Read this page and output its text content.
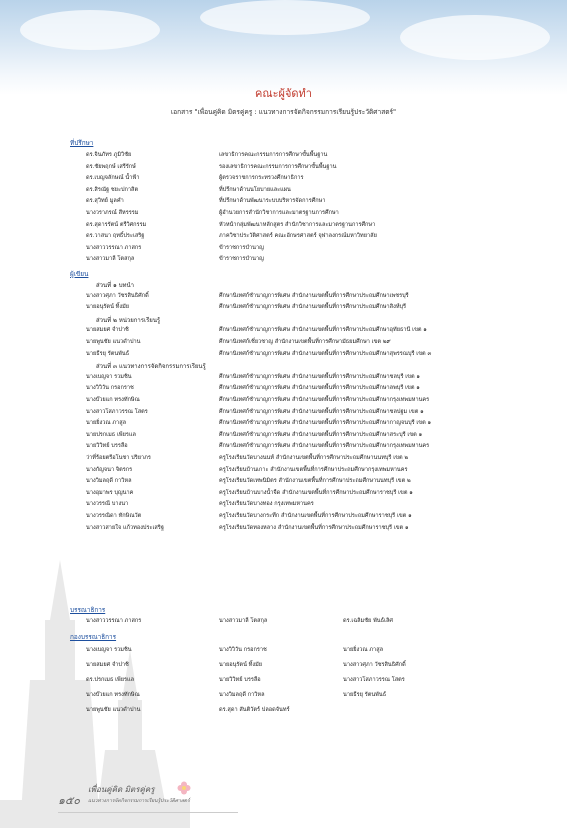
คณะผู้จัดทำ
เอกสาร "เพื่อนคู่คิด มิตรคู่ครู : แนวทางการจัดกิจกรรมการเรียนรู้ประวัติศาสตร์"
ที่ปรึกษา
ดร.จินภัทร ภูมิวิชัย	เลขาธิการคณะกรรมการการศึกษาขั้นพื้นฐาน
ดร.ชัยพฤกษ์ เสรีรักษ์	รองเลขาธิการคณะกรรมการการศึกษาขั้นพื้นฐาน
ดร.เบญจลักษณ์ น้ำฟ้า	ผู้ตรวจราชการกระทรวงศึกษาธิการ
ดร.สิรณัฐ ชยะปกาสิต	ที่ปรึกษาด้านนโยบายและแผน
ดร.สุวิทย์ มูลคำ	ที่ปรึกษาด้านพัฒนาระบบบริหารจัดการศึกษา
นางวราภรณ์ สีหรรรม	ผู้อำนวยการสำนักวิชาการและมาตรฐานการศึกษา
ดร.สุดารรัตน์ ตรีวิศกรรม	หัวหน้ากลุ่มพัฒนาหลักสูตร สำนักวิชาการและมาตรฐานการศึกษา
ดร.วาสนา ฤทธิ์ประเสริฐ	ภาควิชาประวัติศาสตร์ คณะอักษรศาสตร์ จุฬาลงกรณ์มหาวิทยาลัย
นางสาววรรณา ภาสกร	ข้าราชการบำนาญ
นางสาวมาลี โตสกุล	ข้าราชการบำนาญ
ผู้เขียน
ส่วนที่ ๑ บทนำ
นางสาวศุภา วัชรสินธิศักดิ์	ศึกษานิเทศก์ชำนาญการพิเศษ สำนักงานเขตพื้นที่การศึกษาประถมศึกษาเพชรบุรี
นายอนุรัตน์ ทิ้งมัย	ศึกษานิเทศก์ชำนาญการพิเศษ สำนักงานเขตพื้นที่การศึกษาประถมศึกษาสิงห์บุรี
ส่วนที่ ๒ หน่วยการเรียนรู้
นายสมยศ จำปาชิ	ศึกษานิเทศก์ชำนาญการพิเศษ สำนักงานเขตพื้นที่การศึกษาประถมศึกษาอุทัยธานี เขต ๑
นายพูนชัย แนวดำปาน	ศึกษานิเทศก์เชี่ยวชาญ สำนักงานเขตพื้นที่การศึกษามัธยมศึกษา เขต ๒๙
นายธีรยุ รัตนพันธ์	ศึกษานิเทศก์ชำนาญการพิเศษ สำนักงานเขตพื้นที่การศึกษาประถมศึกษาสุพรรณบุรี เขต ๓
ส่วนที่ ๓ แนวทางการจัดกิจกรรมการเรียนรู้
นางเบญจา รวมชิน	ศึกษานิเทศก์ชำนาญการพิเศษ สำนักงานเขตพื้นที่การศึกษาประถมศึกษาชลบุรี เขต ๑
นางวิวิวัน กรอกราช	ศึกษานิเทศก์ชำนาญการพิเศษ สำนักงานเขตพื้นที่การศึกษาประถมศึกษาลพบุรี เขต ๑
นางบ๊วยแก ทรงทักษิณ	ศึกษานิเทศก์ชำนาญการพิเศษ สำนักงานเขตพื้นที่การศึกษาประถมศึกษากรุงเทพมหานคร
นางสาวโสภาวรรณ โสตร	ศึกษานิเทศก์ชำนาญการพิเศษ สำนักงานเขตพื้นที่การศึกษาประถมศึกษาชลปฐม เขต ๑
นายยิ่งวณ ภาสูล	ศึกษานิเทศก์ชำนาญการพิเศษ สำนักงานเขตพื้นที่การศึกษาประถมศึกษากาญจนบุรี เขต ๑
นายปรกเมธ เพียรแล	ศึกษานิเทศก์ชำนาญการพิเศษ สำนักงานเขตพื้นที่การศึกษาประถมศึกษาสระบุรี เขต ๑
นายวิวิทย์ บรรลือ	ศึกษานิเทศก์ชำนาญการพิเศษ สำนักงานเขตพื้นที่การศึกษาประถมศึกษากรุงเทพมหานคร
ว่าที่ร้อยตรีอโนชา ปริยาภร	ครูโรงเรียนวัดบางนนท์ สำนักงานเขตพื้นที่การศึกษาประถมศึกษานนทบุรี เขต ๒
นางกัญจนา จิตรกร	ครูโรงเรียนบ้านเกาะ สำนักงานเขตพื้นที่การศึกษาประถมศึกษากรุงเทพมหานคร
นางวิมลฤดี กาวิหล	ครูโรงเรียนวัดเทพนิมิตร สำนักงานเขตพื้นที่การศึกษาประถมศึกษานนทบุรี เขต ๒
นางอุมาพร บุญนาค	ครูโรงเรียนบ้านบางน้ำจืด สำนักงานเขตพื้นที่การศึกษาประถมศึกษาราชบุรี เขต ๑
นางวรรณี บางนา	ครูโรงเรียนวัดบางทอง กรุงเทพมหานคร
นางวรรณิดา ทักษิณวัต	ครูโรงเรียนวัดบางกระทึก สำนักงานเขตพื้นที่การศึกษาประถมศึกษาราชบุรี เขต ๑
นางสาวสายใจ แก้วทองประเสริฐ	ครูโรงเรียนวัดทองหลาง สำนักงานเขตพื้นที่การศึกษาประถมศึกษาราชบุรี เขต ๑
บรรณาธิการ
นางสาววรรณา ภาสกร	นางสาวมาลี โตสกุล	ดร.เฉลิมชัย พันธ์เลิศ
กองบรรณาธิการ
นางเบญจา รวมชิน	นางวิวิวัน กรอกราช	นายยิ่งวณ ภาสูล
นายสมยศ จำปาชิ	นายอนุรัตน์ ทิ้งมัย	นางสาวศุภา วัชรสินธิศักดิ์
ดร.ปรกเมธ เพียรแล	นายวิวิทย์ บรรลือ	นางสาวโสภาวรรณ โสตร
นางบ๊วยแก ทรงทักษิณ	นางวิมลฤดี กาวิหล	นายธีรยุ รัตนพันธ์
นายพูนชัย แนวดำปาน	ดร.สุดา สันติวัตร์ ปลอดจันทร์
๑๕๐
เพื่อนคู่คิด มิตรคู่ครู
แนวทางการจัดกิจกรรมการเรียนรู้ประวัติศาสตร์
